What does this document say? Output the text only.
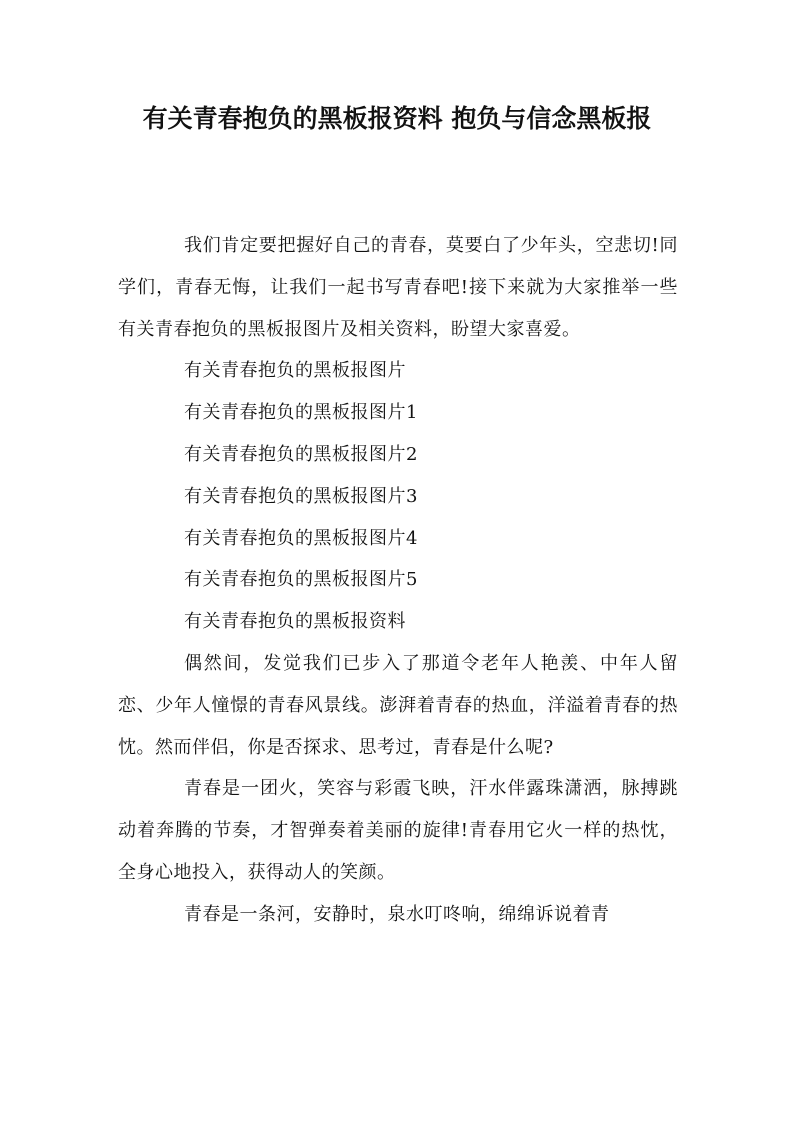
有关青春抱负的黑板报资料 抱负与信念黑板报

我们肯定要把握好自己的青春，莫要白了少年头，空悲切!同学们，青春无悔，让我们一起书写青春吧!接下来就为大家推举一些有关青春抱负的黑板报图片及相关资料，盼望大家喜爱。

有关青春抱负的黑板报图片

有关青春抱负的黑板报图片1

有关青春抱负的黑板报图片2

有关青春抱负的黑板报图片3

有关青春抱负的黑板报图片4

有关青春抱负的黑板报图片5

有关青春抱负的黑板报资料

偶然间，发觉我们已步入了那道令老年人艳羡、中年人留恋、少年人憧憬的青春风景线。澎湃着青春的热血，洋溢着青春的热忱。然而伴侣，你是否探求、思考过，青春是什么呢?

青春是一团火，笑容与彩霞飞映，汗水伴露珠潇洒，脉搏跳动着奔腾的节奏，才智弹奏着美丽的旋律!青春用它火一样的热忱，全身心地投入，获得动人的笑颜。

青春是一条河，安静时，泉水叮咚响，绵绵诉说着青
